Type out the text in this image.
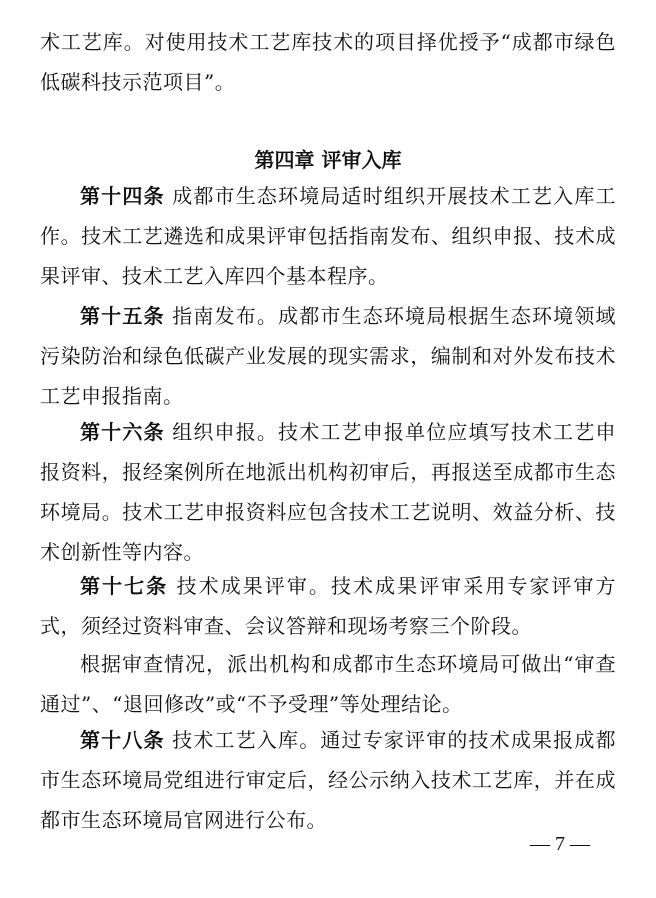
术工艺库。对使用技术工艺库技术的项目择优授予“成都市绿色低碳科技示范项目”。
第四章 评审入库
第十四条 成都市生态环境局适时组织开展技术工艺入库工作。技术工艺遴选和成果评审包括指南发布、组织申报、技术成果评审、技术工艺入库四个基本程序。
第十五条 指南发布。成都市生态环境局根据生态环境领域污染防治和绿色低碳产业发展的现实需求，编制和对外发布技术工艺申报指南。
第十六条 组织申报。技术工艺申报单位应填写技术工艺申报资料，报经案例所在地派出机构初审后，再报送至成都市生态环境局。技术工艺申报资料应包含技术工艺说明、效益分析、技术创新性等内容。
第十七条 技术成果评审。技术成果评审采用专家评审方式，须经过资料审查、会议答辩和现场考察三个阶段。
根据审查情况，派出机构和成都市生态环境局可做出“审查通过”、“退回修改”或“不予受理”等处理结论。
第十八条 技术工艺入库。通过专家评审的技术成果报成都市生态环境局党组进行审定后，经公示纳入技术工艺库，并在成都市生态环境局官网进行公布。
— 7 —
